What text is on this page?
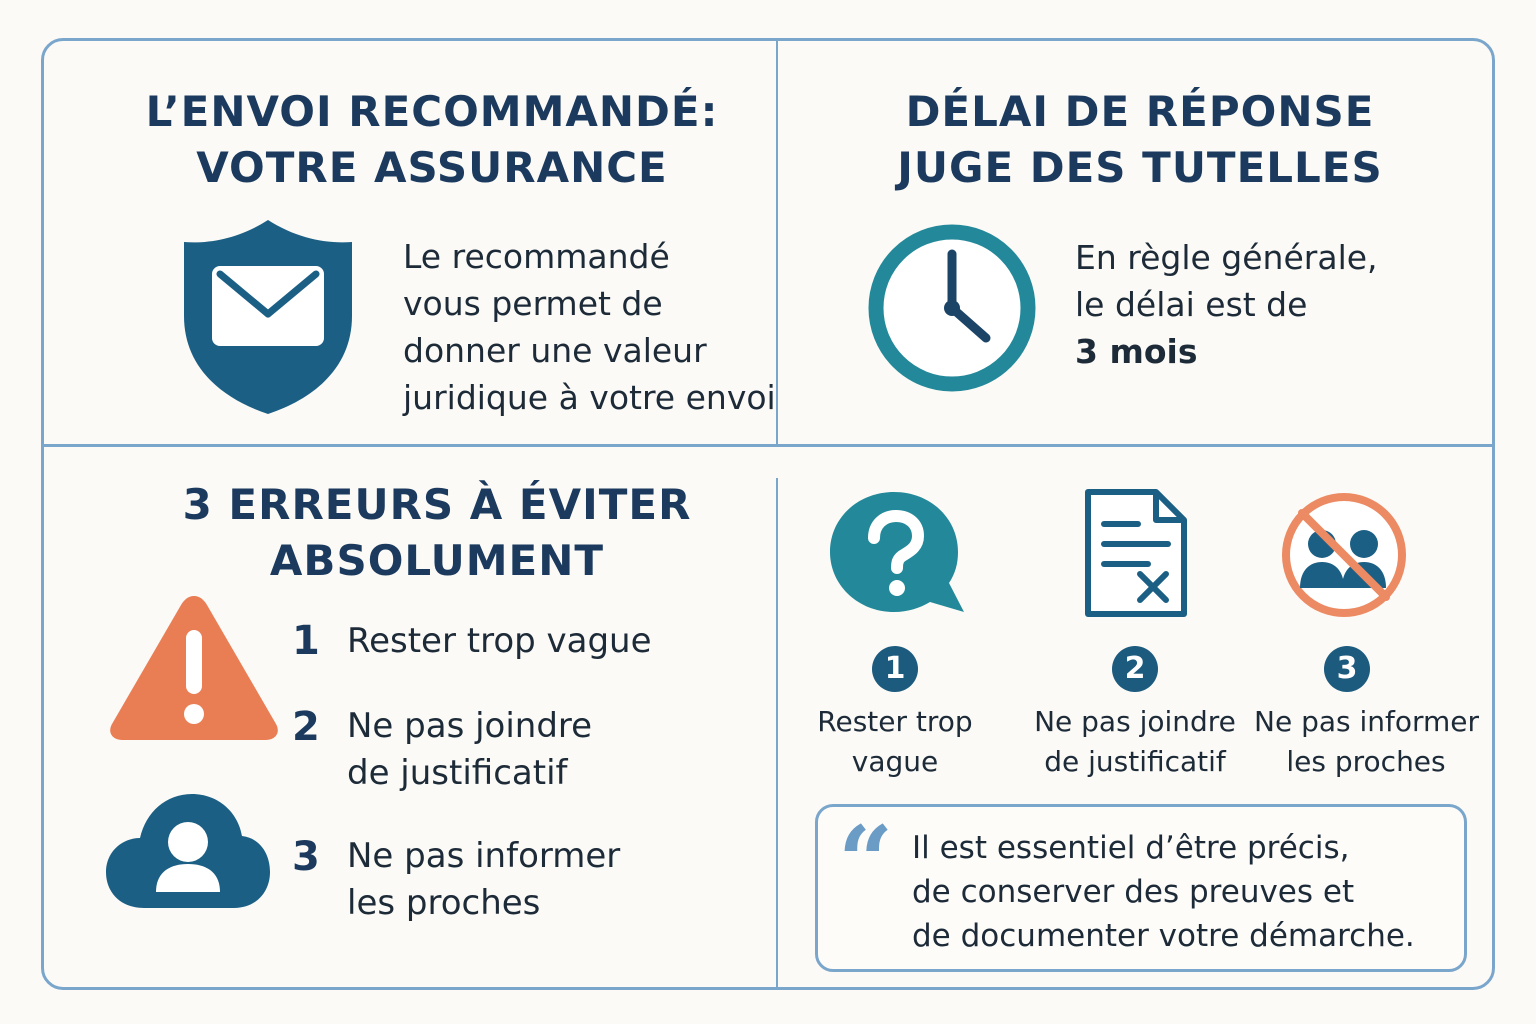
L’ENVOI RECOMMANDÉ:
VOTRE ASSURANCE
Le recommandé
vous permet de
donner une valeur
juridique à votre envoi
DÉLAI DE RÉPONSE
JUGE DES TUTELLES
En règle générale,
le délai est de
3 mois
3 ERREURS À ÉVITER
ABSOLUMENT
1 Rester trop vague
2 Ne pas joindre
de justificatif
3 Ne pas informer
les proches
1	2	3
Rester trop
vague
Ne pas joindre
de justificatif
Ne pas informer
les proches
“ Il est essentiel d’être précis,
de conserver des preuves et
de documenter votre démarche.
